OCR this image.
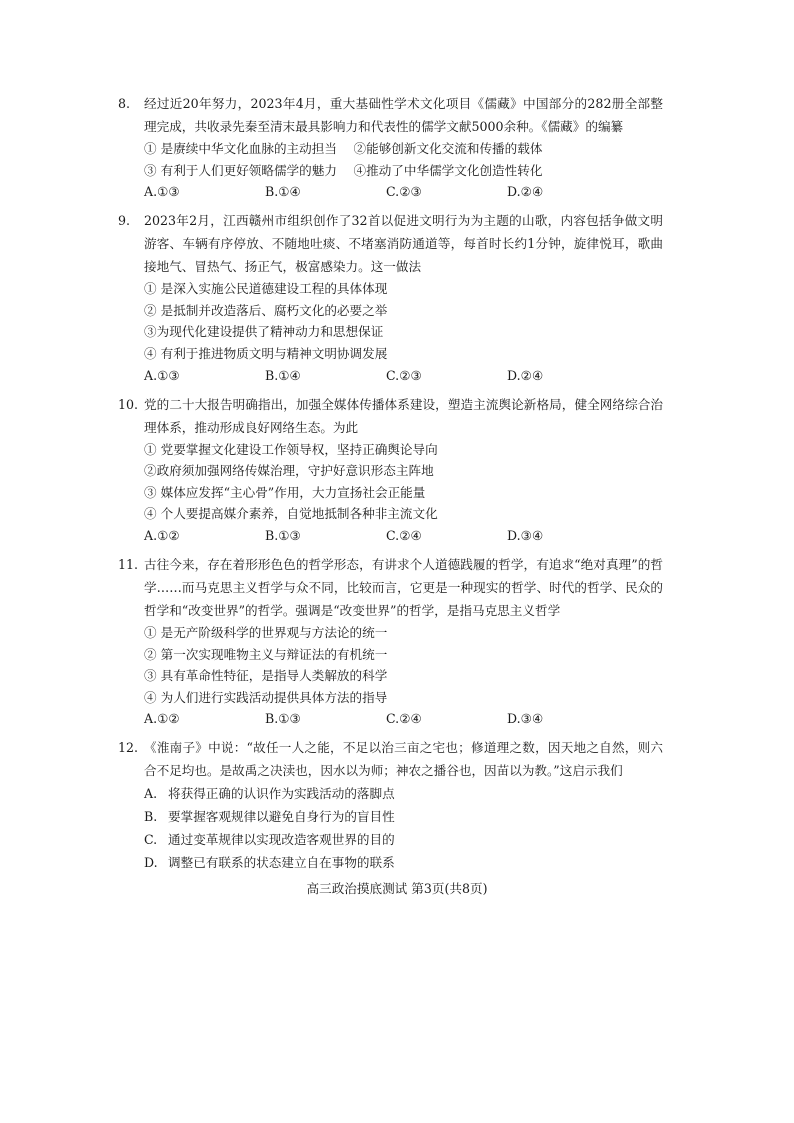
8. 经过近20年努力，2023年4月，重大基础性学术文化项目《儒藏》中国部分的282册全部整理完成，共收录先秦至清末最具影响力和代表性的儒学文献5000余种。《儒藏》的编纂
① 是赓续中华文化血脉的主动担当 　②能够创新文化交流和传播的载体
③ 有利于人们更好领略儒学的魅力 　④推动了中华儒学文化创造性转化
A.①③	B.①④	C.②③	D.②④
9. 2023年2月，江西赣州市组织创作了32首以促进文明行为为主题的山歌，内容包括争做文明游客、车辆有序停放、不随地吐痰、不堵塞消防通道等，每首时长约1分钟，旋律悦耳，歌曲接地气、冒热气、扬正气，极富感染力。这一做法
① 是深入实施公民道德建设工程的具体体现
② 是抵制并改造落后、腐朽文化的必要之举
③为现代化建设提供了精神动力和思想保证
④ 有利于推进物质文明与精神文明协调发展
A.①③	B.①④	C.②③	D.②④
10. 党的二十大报告明确指出，加强全媒体传播体系建设，塑造主流舆论新格局，健全网络综合治理体系，推动形成良好网络生态。为此
① 党要掌握文化建设工作领导权，坚持正确舆论导向
②政府须加强网络传媒治理，守护好意识形态主阵地
③ 媒体应发挥“主心骨”作用，大力宣扬社会正能量
④ 个人要提高媒介素养，自觉地抵制各种非主流文化
A.①②	B.①③	C.②④	D.③④
11. 古往今来，存在着形形色色的哲学形态，有讲求个人道德践履的哲学，有追求“绝对真理”的哲学……而马克思主义哲学与众不同，比较而言，它更是一种现实的哲学、时代的哲学、民众的哲学和“改变世界”的哲学。强调是“改变世界”的哲学，是指马克思主义哲学
① 是无产阶级科学的世界观与方法论的统一
② 第一次实现唯物主义与辩证法的有机统一
③ 具有革命性特征，是指导人类解放的科学
④ 为人们进行实践活动提供具体方法的指导
A.①②	B.①③	C.②④	D.③④
12. 《淮南子》中说：“故任一人之能，不足以治三亩之宅也；修道理之数，因天地之自然，则六合不足均也。是故禹之决渎也，因水以为师；神农之播谷也，因苗以为教。”这启示我们
A. 将获得正确的认识作为实践活动的落脚点
B. 要掌握客观规律以避免自身行为的盲目性
C. 通过变革规律以实现改造客观世界的目的
D. 调整已有联系的状态建立自在事物的联系
高三政治摸底测试 第3页(共8页)
